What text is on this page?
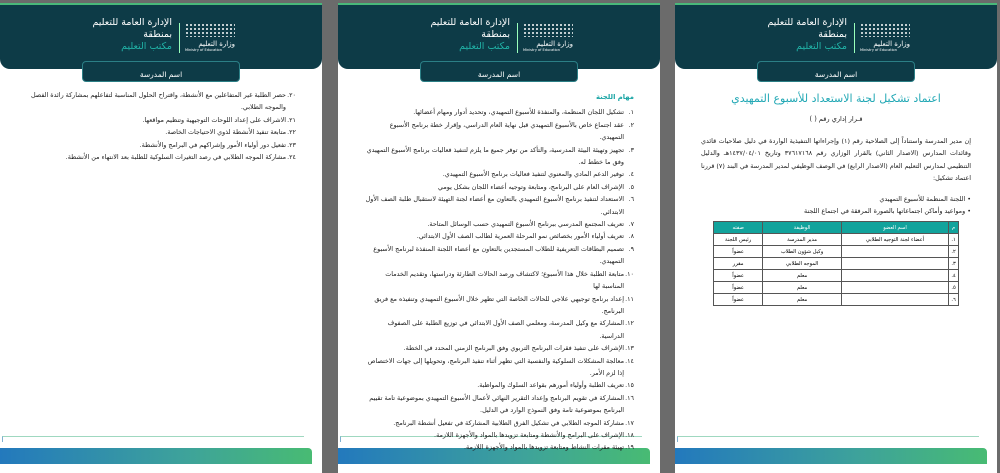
الإدارة العامة للتعليم
بمنطقة
مكتب التعليم	وزارة التعليم
Ministry of Education
اسم المدرسة
٢٠.
حصر الطلبة غير المتفاعلين مع الأنشطة، واقتراح الحلول المناسبة لتفاعلهم بمشاركة رائدة الفصل والموجه الطلابي.
٢١.
الاشراف على إعداد اللوحات التوجيهية وتنظيم مواقعها.
٢٢.
متابعة تنفيذ الأنشطة لذوي الاحتياجات الخاصة.
٢٣.
تفعيل دور أولياء الأمور وإشراكهم في البرامج والأنشطة.
٢٤.
مشاركة الموجه الطلابي في رصد التغيرات السلوكية للطلبة بعد الانتهاء من الأنشطة.
الإدارة العامة للتعليم
بمنطقة
مكتب التعليم	وزارة التعليم
Ministry of Education
اسم المدرسة
مهام اللجنة
١.
تشكيل اللجان المنظمة، والمنفذة للأسبوع التمهيدي، وتحديد أدوار ومهام أعضائها.
٢.
عقد اجتماع خاص بالأسبوع التمهيدي قبل نهاية العام الدراسي، وإقرار خطة برنامج الأسبوع التمهيدي.
٣.
تجهيز وتهيئة البيئة المدرسية، والتأكد من توفر جميع ما يلزم لتنفيذ فعاليات برنامج الأسبوع التمهيدي وفق ما خطط له.
٤.
توفير الدعم المادي والمعنوي لتنفيذ فعاليات برنامج الأسبوع التمهيدي.
٥.
الإشراف العام على البرنامج، ومتابعة وتوجيه أعضاء اللجان بشكل يومي
٦.
الاستعداد لتنفيذ برنامج الأسبوع التمهيدي بالتعاون مع أعضاء لجنة التهيئة لاستقبال طلبة الصف الأول الابتدائي.
٧.
تعريف المجتمع المدرسي ببرنامج الأسبوع التمهيدي حسب الوسائل المتاحة.
٨.
تعريف أولياء الأمور بخصائص نمو المرحلة العمرية لطالب الصف الأول الابتدائي.
٩.
تصميم البطاقات التعريفية للطلاب المستجدين بالتعاون مع أعضاء اللجنة المنفذة لبرنامج الأسبوع التمهيدي.
١٠.
متابعة الطلبة خلال هذا الأسبوع؛ لاكتشاف ورصد الحالات الطارئة ودراستها، وتقديم الخدمات المناسبة لها
١١.
إعداد برنامج توجيهي علاجي للحالات الخاصة التي تظهر خلال الأسبوع التمهيدي وتنفيذه مع فريق البرنامج.
١٢.
المشاركة مع وكيل المدرسة، ومعلمي الصف الأول الابتدائي في توزيع الطلبة على الصفوف الدراسية.
١٣.
الإشراف على تنفيذ فقرات البرنامج التربوي وفق البرنامج الزمني المحدد في الخطة.
١٤.
معالجة المشكلات السلوكية والنفسية التي تظهر أثناء تنفيذ البرنامج، وتحويلها إلى جهات الاختصاص إذا لزم الأمر.
١٥.
تعريف الطلبة وأولياء أمورهم بقواعد السلوك والمواظبة.
١٦.
المشاركة في تقويم البرنامج وإعداد التقرير النهائي لأعمال الأسبوع التمهيدي بموضوعية تامة تقييم البرنامج بموضوعية تامة وفق النموذج الوارد في الدليل.
١٧.
مشاركة الموجه الطلابي في تشكيل الفرق الطلابية المشاركة في تفعيل أنشطة البرنامج.
١٨.
الإشراف على البرامج والأنشطة ومتابعة تزويدها بالمواد والأجهزة اللازمة.
١٩.
تهيئة مقرات النشاط ومتابعة تزويدها بالمواد والأجهزة اللازمة.
الإدارة العامة للتعليم
بمنطقة
مكتب التعليم	وزارة التعليم
Ministry of Education
اسم المدرسة
اعتماد تشكيل لجنة الاستعداد للأسبوع التمهيدي
قـرار إداري رقم ( )
إن مدير المدرسة واستناداً إلى الصلاحية رقم (١) وإجراءاتها التنفيذية الواردة في دليل صلاحيات قائدي وقائدات المدارس (الاصدار الثاني) بالقرار الوزاري رقم ٣٧٦١٧١٦٨ وتاريخ ١٤٣٧/٠٤/٠١هـ والدليل التنظيمي لمدارس التعليم العام (الاصدار الرابع) في الوصف الوظيفي لمدير المدرسة في البند (٧) قررنا اعتماد تشكيل:
• اللجنة المنظمة للأسبوع التمهيدي
• ومواعيد وأماكن اجتماعاتها بالصورة المرفقة في اجتماع اللجنة
م	اسم العضو	الوظيفة	صفته
١.	أعضاء لجنة التوجيه الطلابي	مدير المدرسة	رئيس اللجنة
٢.		وكيل شؤون الطلاب	عضواً
٣.		الموجه الطلابي	مقرر
٤.		معلم	عضواً
٥.		معلم	عضواً
٦.		معلم	عضواً
